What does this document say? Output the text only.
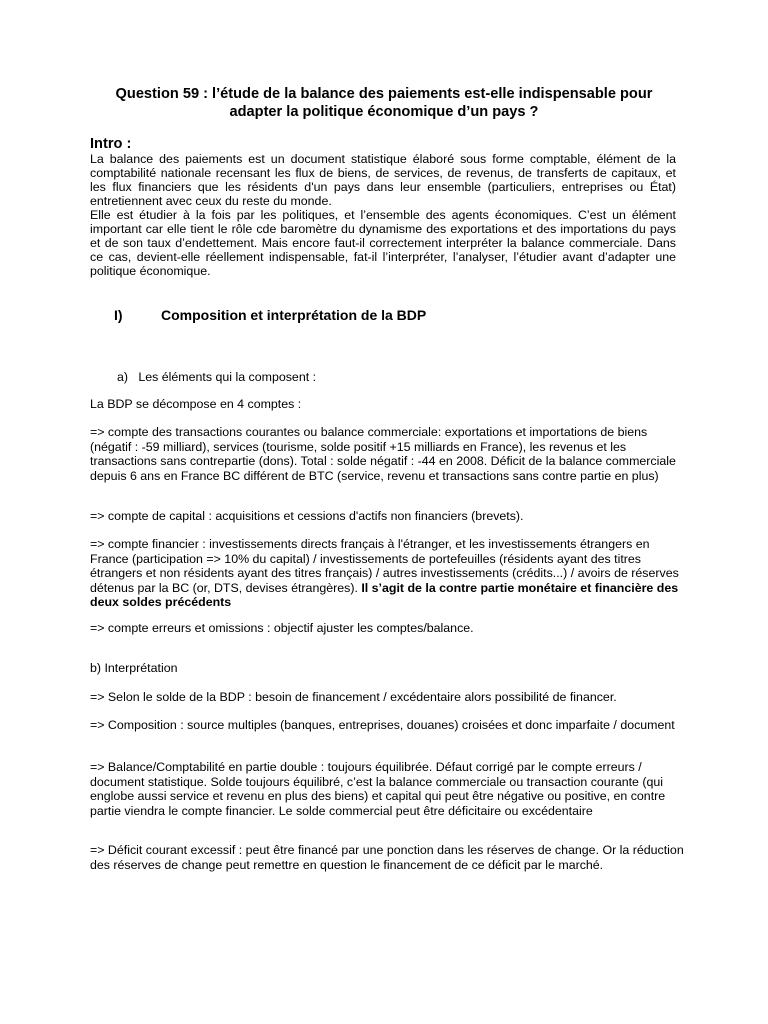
Question 59 : l’étude de la balance des paiements est-elle indispensable pour
adapter la politique économique d’un pays ?
Intro :

La balance des paiements est un document statistique élaboré sous forme comptable, élément de la comptabilité nationale recensant les flux de biens, de services, de revenus, de transferts de capitaux, et les flux financiers que les résidents d'un pays dans leur ensemble (particuliers, entreprises ou État) entretiennent avec ceux du reste du monde.

Elle est étudier à la fois par les politiques, et l’ensemble des agents économiques. C’est un élément important car elle tient le rôle cde baromètre du dynamisme des exportations et des importations du pays et de son taux d’endettement. Mais encore faut-il correctement interpréter la balance commerciale. Dans ce cas, devient-elle réellement indispensable, fat-il l’interpréter, l’analyser, l’étudier avant d’adapter une politique économique.

I)	Composition et interprétation de la BDP

a)   Les éléments qui la composent :

La BDP se décompose en 4 comptes :

=> compte des transactions courantes ou balance commerciale: exportations et importations de biens (négatif : -59 milliard), services (tourisme, solde positif +15 milliards en France), les revenus et les transactions sans contrepartie (dons). Total : solde négatif : -44 en 2008. Déficit de la balance commerciale depuis 6 ans en France BC différent de BTC (service, revenu et transactions sans contre partie en plus)

=> compte de capital : acquisitions et cessions d'actifs non financiers (brevets).

=> compte financier : investissements directs français à l'étranger, et les investissements étrangers en France (participation => 10% du capital) / investissements de portefeuilles (résidents ayant des titres étrangers et non résidents ayant des titres français) / autres investissements (crédits...) / avoirs de réserves détenus par la BC (or, DTS, devises étrangères). Il s’agit de la contre partie monétaire et financière des deux soldes précédents

=> compte erreurs et omissions : objectif ajuster les comptes/balance.

b) Interprétation

=> Selon le solde de la BDP : besoin de financement / excédentaire alors possibilité de financer.

=> Composition : source multiples (banques, entreprises, douanes) croisées et donc imparfaite / document

=> Balance/Comptabilité en partie double : toujours équilibrée. Défaut corrigé par le compte erreurs / document statistique. Solde toujours équilibré, c’est la balance commerciale ou transaction courante (qui englobe aussi service et revenu en plus des biens) et capital qui peut être négative ou positive, en contre partie viendra le compte financier. Le solde commercial peut être déficitaire ou excédentaire

=> Déficit courant excessif : peut être financé par une ponction dans les réserves de change. Or la réduction des réserves de change peut remettre en question le financement de ce déficit par le marché.
